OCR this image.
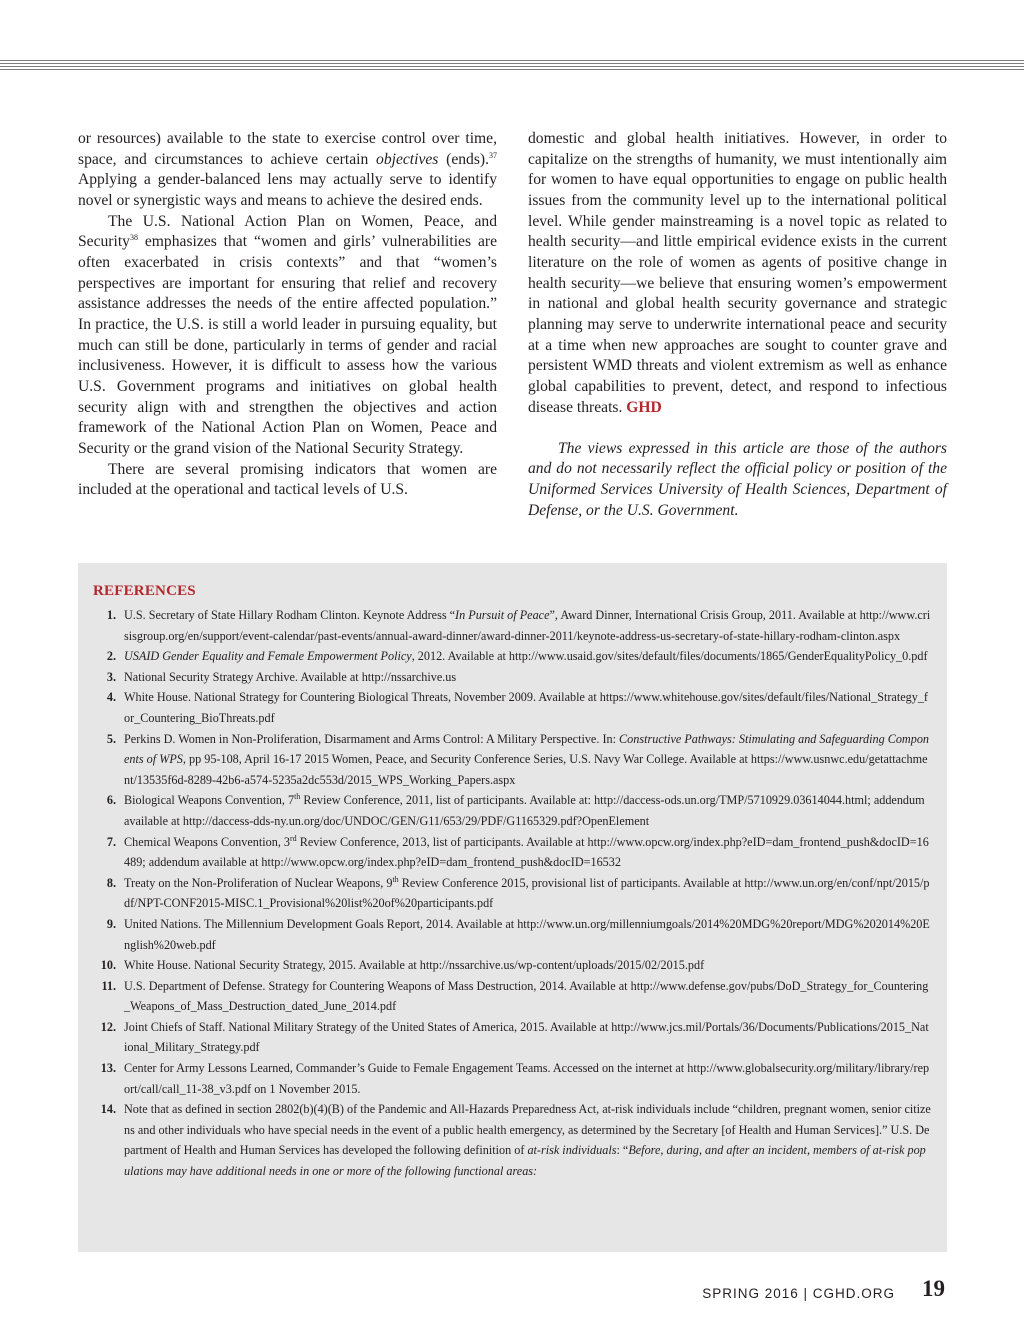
or resources) available to the state to exercise control over time, space, and circumstances to achieve certain objectives (ends).$^{37}$ Applying a gender-balanced lens may actually serve to identify novel or synergistic ways and means to achieve the desired ends.

The U.S. National Action Plan on Women, Peace, and Security$^{38}$ emphasizes that “women and girls’ vulnerabilities are often exacerbated in crisis contexts” and that “women’s perspectives are important for ensuring that relief and recovery assistance addresses the needs of the entire affected population.” In practice, the U.S. is still a world leader in pursuing equality, but much can still be done, particularly in terms of gender and racial inclusiveness. However, it is difficult to assess how the various U.S. Government programs and initiatives on global health security align with and strengthen the objectives and action framework of the National Action Plan on Women, Peace and Security or the grand vision of the National Security Strategy.

There are several promising indicators that women are included at the operational and tactical levels of U.S.

domestic and global health initiatives. However, in order to capitalize on the strengths of humanity, we must intentionally aim for women to have equal opportunities to engage on public health issues from the community level up to the international political level. While gender mainstreaming is a novel topic as related to health security—and little empirical evidence exists in the current literature on the role of women as agents of positive change in health security—we believe that ensuring women’s empowerment in national and global health security governance and strategic planning may serve to underwrite international peace and security at a time when new approaches are sought to counter grave and persistent WMD threats and violent extremism as well as enhance global capabilities to prevent, detect, and respond to infectious disease threats. GHD

The views expressed in this article are those of the authors and do not necessarily reflect the official policy or position of the Uniformed Services University of Health Sciences, Department of Defense, or the U.S. Government.

REFERENCES
1. U.S. Secretary of State Hillary Rodham Clinton. Keynote Address “In Pursuit of Peace”, Award Dinner, International Crisis Group, 2011. Available at http://www.crisisgroup.org/en/support/event-calendar/past-events/annual-award-dinner/award-dinner-2011/keynote-address-us-secretary-of-state-hillary-rodham-clinton.aspx
2. USAID Gender Equality and Female Empowerment Policy, 2012. Available at http://www.usaid.gov/sites/default/files/documents/1865/GenderEqualityPolicy_0.pdf
3. National Security Strategy Archive. Available at http://nssarchive.us
4. White House. National Strategy for Countering Biological Threats, November 2009. Available at https://www.whitehouse.gov/sites/default/files/National_Strategy_for_Countering_BioThreats.pdf
5. Perkins D. Women in Non-Proliferation, Disarmament and Arms Control: A Military Perspective. In: Constructive Pathways: Stimulating and Safeguarding Components of WPS, pp 95-108, April 16-17 2015 Women, Peace, and Security Conference Series, U.S. Navy War College. Available at https://www.usnwc.edu/getattachment/13535f6d-8289-42b6-a574-5235a2dc553d/2015_WPS_Working_Papers.aspx
6. Biological Weapons Convention, 7th Review Conference, 2011, list of participants. Available at: http://daccess-ods.un.org/TMP/5710929.03614044.html; addendum available at http://daccess-dds-ny.un.org/doc/UNDOC/GEN/G11/653/29/PDF/G1165329.pdf?OpenElement
7. Chemical Weapons Convention, 3rd Review Conference, 2013, list of participants. Available at http://www.opcw.org/index.php?eID=dam_frontend_push&docID=16489; addendum available at http://www.opcw.org/index.php?eID=dam_frontend_push&docID=16532
8. Treaty on the Non-Proliferation of Nuclear Weapons, 9th Review Conference 2015, provisional list of participants. Available at http://www.un.org/en/conf/npt/2015/pdf/NPT-CONF2015-MISC.1_Provisional%20list%20of%20participants.pdf
9. United Nations. The Millennium Development Goals Report, 2014. Available at http://www.un.org/millenniumgoals/2014%20MDG%20report/MDG%202014%20English%20web.pdf
10. White House. National Security Strategy, 2015. Available at http://nssarchive.us/wp-content/uploads/2015/02/2015.pdf
11. U.S. Department of Defense. Strategy for Countering Weapons of Mass Destruction, 2014. Available at http://www.defense.gov/pubs/DoD_Strategy_for_Countering_Weapons_of_Mass_Destruction_dated_June_2014.pdf
12. Joint Chiefs of Staff. National Military Strategy of the United States of America, 2015. Available at http://www.jcs.mil/Portals/36/Documents/Publications/2015_National_Military_Strategy.pdf
13. Center for Army Lessons Learned, Commander’s Guide to Female Engagement Teams. Accessed on the internet at http://www.globalsecurity.org/military/library/report/call/call_11-38_v3.pdf on 1 November 2015.
14. Note that as defined in section 2802(b)(4)(B) of the Pandemic and All-Hazards Preparedness Act, at-risk individuals include “children, pregnant women, senior citizens and other individuals who have special needs in the event of a public health emergency, as determined by the Secretary [of Health and Human Services].” U.S. Department of Health and Human Services has developed the following definition of at-risk individuals: “Before, during, and after an incident, members of at-risk populations may have additional needs in one or more of the following functional areas:
SPRING 2016 | CGHD.ORG 19
